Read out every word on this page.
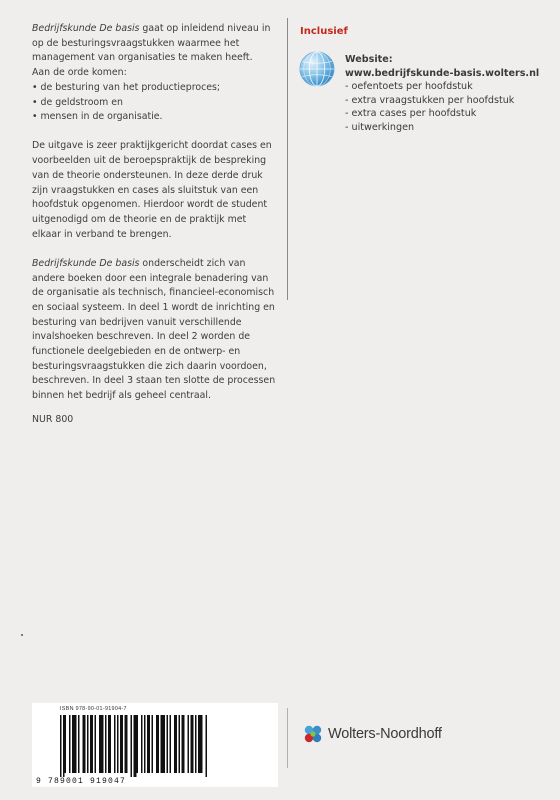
Bedrijfskunde De basis gaat op inleidend niveau in op de besturingsvraagstukken waarmee het management van organisaties te maken heeft.
Aan de orde komen:
• de besturing van het productieproces;
• de geldstroom en
• mensen in de organisatie.

De uitgave is zeer praktijkgericht doordat cases en voorbeelden uit de beroepspraktijk de bespreking van de theorie ondersteunen. In deze derde druk zijn vraagstukken en cases als sluitstuk van een hoofdstuk opgenomen. Hierdoor wordt de student uitgenodigd om de theorie en de praktijk met elkaar in verband te brengen.

Bedrijfskunde De basis onderscheidt zich van andere boeken door een integrale benadering van de organisatie als technisch, financieel-economisch en sociaal systeem. In deel 1 wordt de inrichting en besturing van bedrijven vanuit verschillende invalshoeken beschreven. In deel 2 worden de functionele deelgebieden en de ontwerp- en besturingsvraagstukken die zich daarin voordoen, beschreven. In deel 3 staan ten slotte de processen binnen het bedrijf als geheel centraal.

NUR 800
Inclusief
Website:
www.bedrijfskunde-basis.wolters.nl
- oefentoets per hoofdstuk
- extra vraagstukken per hoofdstuk
- extra cases per hoofdstuk
- uitwerkingen
ISBN 978-90-01-91904-7
9 789001 919047
Wolters-Noordhoff
